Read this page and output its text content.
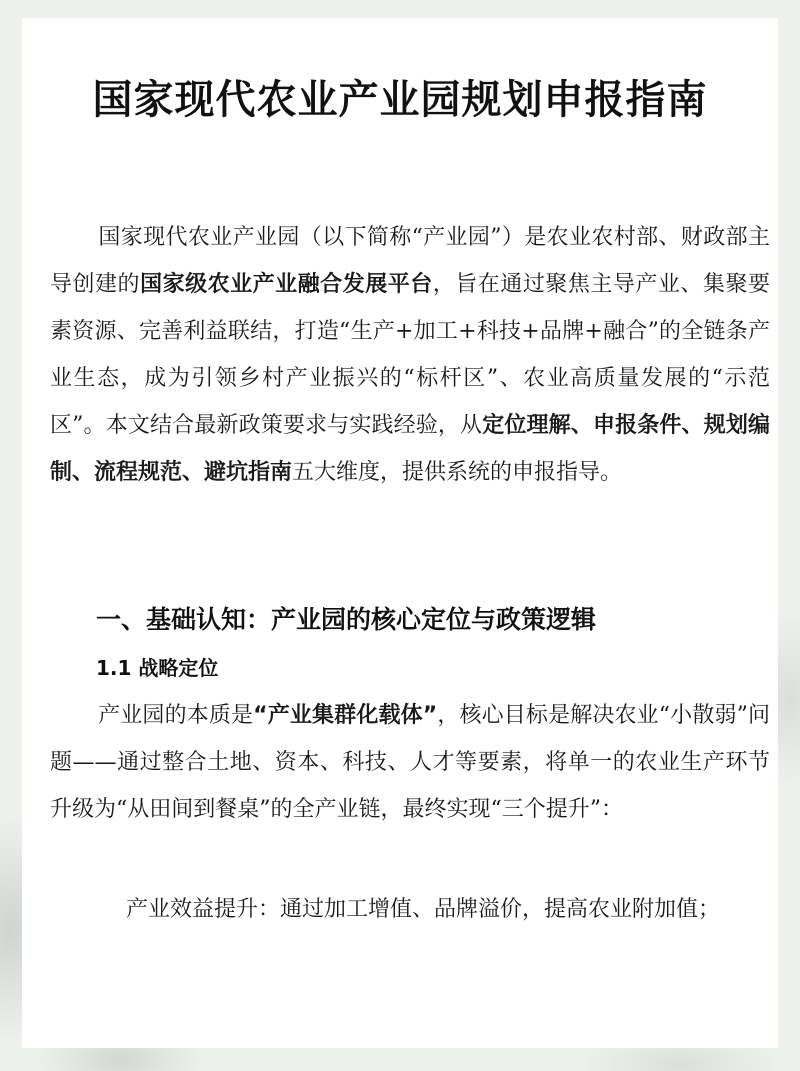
国家现代农业产业园规划申报指南

国家现代农业产业园（以下简称“产业园”）是农业农村部、财政部主导创建的国家级农业产业融合发展平台，旨在通过聚焦主导产业、集聚要素资源、完善利益联结，打造“生产+加工+科技+品牌+融合”的全链条产业生态，成为引领乡村产业振兴的“标杆区”、农业高质量发展的“示范区”。本文结合最新政策要求与实践经验，从定位理解、申报条件、规划编制、流程规范、避坑指南五大维度，提供系统的申报指导。

一、基础认知：产业园的核心定位与政策逻辑
1.1 战略定位

产业园的本质是“产业集群化载体”，核心目标是解决农业“小散弱”问题——通过整合土地、资本、科技、人才等要素，将单一的农业生产环节升级为“从田间到餐桌”的全产业链，最终实现“三个提升”：

产业效益提升：通过加工增值、品牌溢价，提高农业附加值；
